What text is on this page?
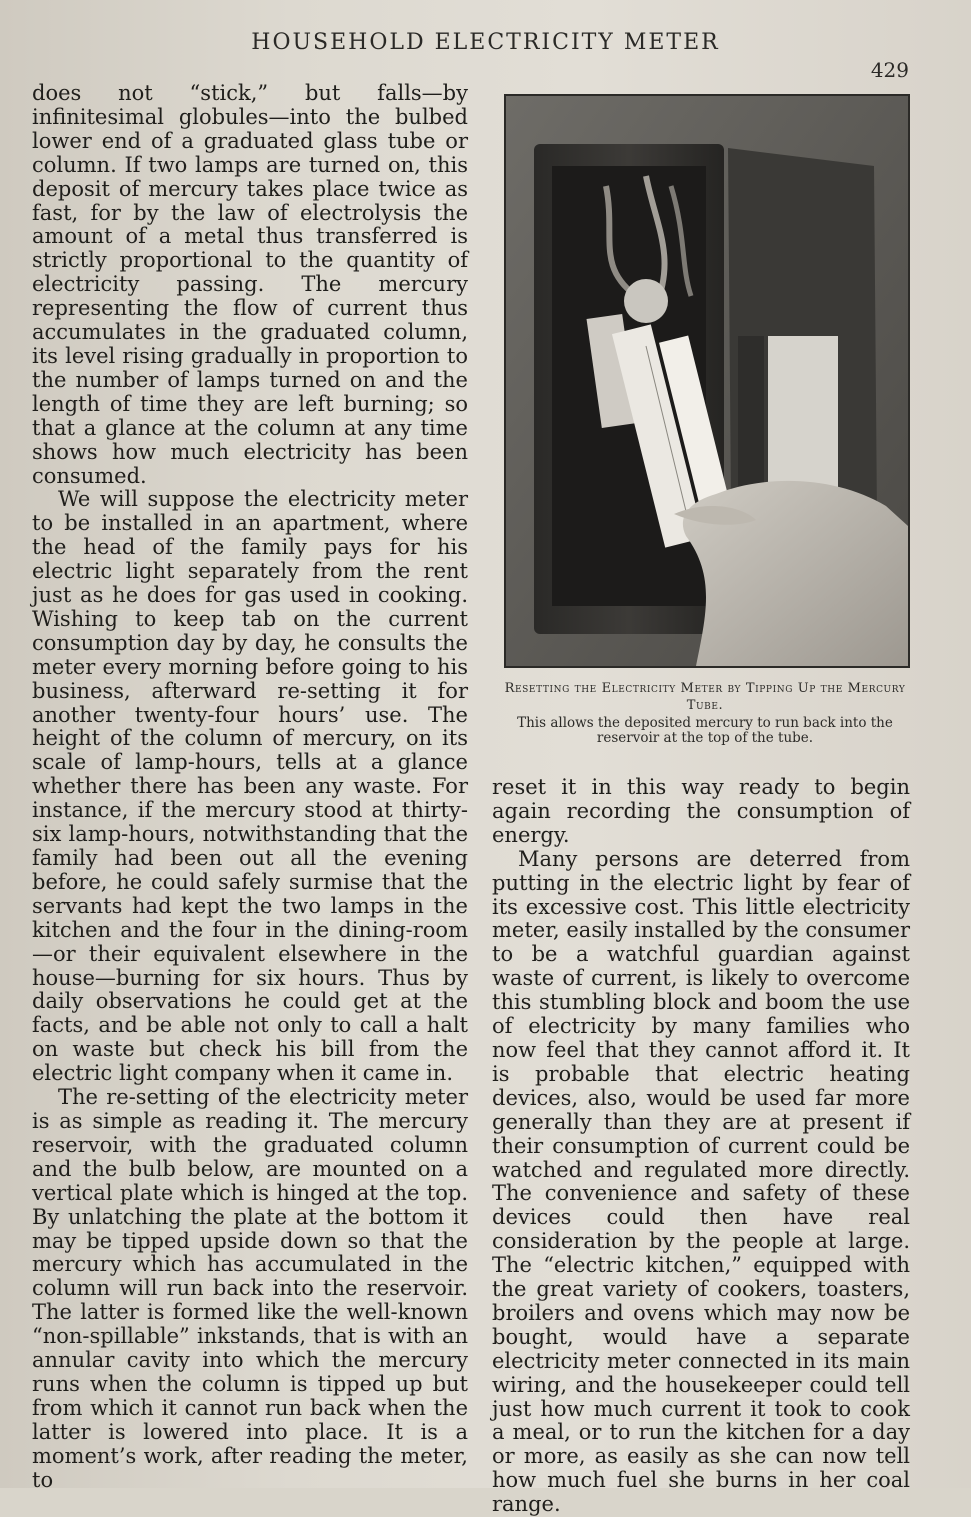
HOUSEHOLD ELECTRICITY METER
429

does not “stick,” but falls—by infinitesimal globules—into the bulbed lower end of a graduated glass tube or column. If two lamps are turned on, this deposit of mercury takes place twice as fast, for by the law of electrolysis the amount of a metal thus transferred is strictly proportional to the quantity of electricity passing. The mercury representing the flow of current thus accumulates in the graduated column, its level rising gradually in proportion to the number of lamps turned on and the length of time they are left burning; so that a glance at the column at any time shows how much electricity has been consumed.

We will suppose the electricity meter to be installed in an apartment, where the head of the family pays for his electric light separately from the rent just as he does for gas used in cooking. Wishing to keep tab on the current consumption day by day, he consults the meter every morning before going to his business, afterward re-setting it for another twenty-four hours’ use. The height of the column of mercury, on its scale of lamp-hours, tells at a glance whether there has been any waste. For instance, if the mercury stood at thirty-six lamp-hours, notwithstanding that the family had been out all the evening before, he could safely surmise that the servants had kept the two lamps in the kitchen and the four in the dining-room—or their equivalent elsewhere in the house—burning for six hours. Thus by daily observations he could get at the facts, and be able not only to call a halt on waste but check his bill from the electric light company when it came in.

The re-setting of the electricity meter is as simple as reading it. The mercury reservoir, with the graduated column and the bulb below, are mounted on a vertical plate which is hinged at the top. By unlatching the plate at the bottom it may be tipped upside down so that the mercury which has accumulated in the column will run back into the reservoir. The latter is formed like the well-known “non-spillable” inkstands, that is with an annular cavity into which the mercury runs when the column is tipped up but from which it cannot run back when the latter is lowered into place. It is a moment’s work, after reading the meter, to

Resetting the Electricity Meter by Tipping Up the Mercury Tube.
This allows the deposited mercury to run back into the reservoir at the top of the tube.

reset it in this way ready to begin again recording the consumption of energy.

Many persons are deterred from putting in the electric light by fear of its excessive cost. This little electricity meter, easily installed by the consumer to be a watchful guardian against waste of current, is likely to overcome this stumbling block and boom the use of electricity by many families who now feel that they cannot afford it. It is probable that electric heating devices, also, would be used far more generally than they are at present if their consumption of current could be watched and regulated more directly. The convenience and safety of these devices could then have real consideration by the people at large. The “electric kitchen,” equipped with the great variety of cookers, toasters, broilers and ovens which may now be bought, would have a separate electricity meter connected in its main wiring, and the housekeeper could tell just how much current it took to cook a meal, or to run the kitchen for a day or more, as easily as she can now tell how much fuel she burns in her coal range.
